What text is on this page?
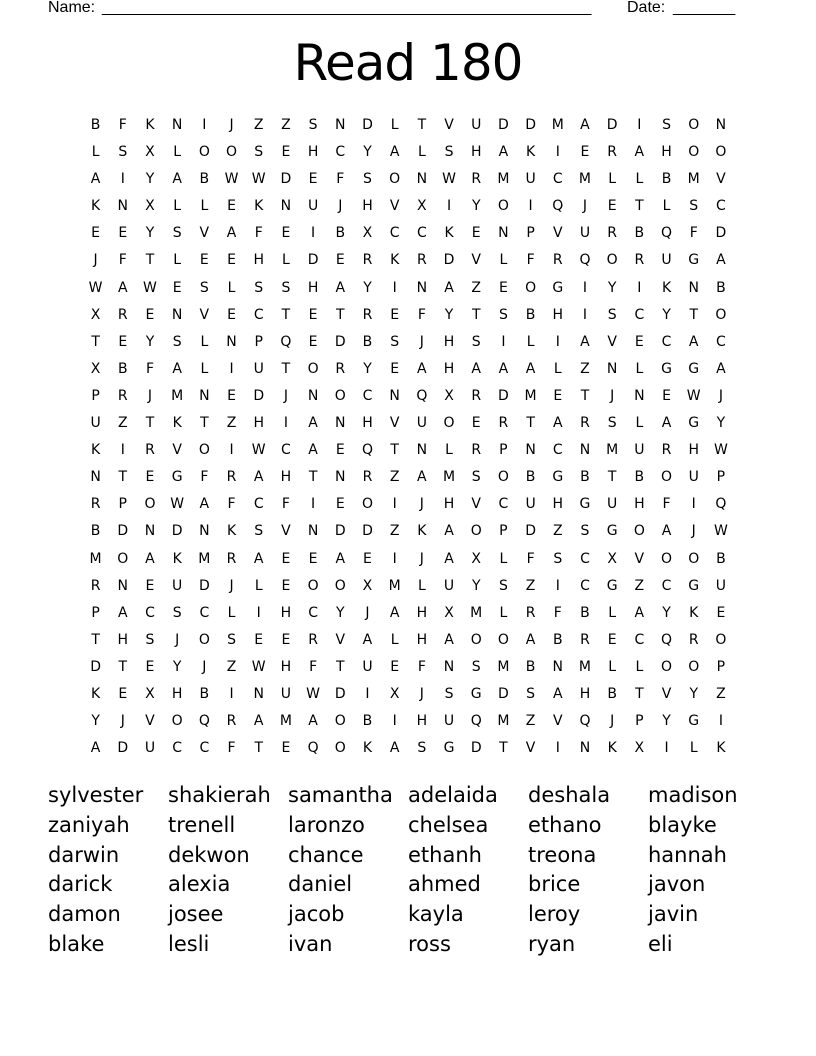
Name: _______________________________________________________ Date: _______
Read 180
B	F	K	N	I	J	Z	Z	S	N	D	L	T	V	U	D	D	M	A	D	I	S	O	N
L	S	X	L	O	O	S	E	H	C	Y	A	L	S	H	A	K	I	E	R	A	H	O	O
A	I	Y	A	B	W W	D	E	F	S	O	N	W	R	M	U	C	M	L	L	B	M	V
K	N	X	L	L	E	K	N	U	J	H	V	X	I	Y	O	I	Q	J	E	T	L	S	C
E	E	Y	S	V	A	F	E	I	B	X	C	C	K	E	N	P	V	U	R	B	Q	F	D
J	F	T	L	E	E	H	L	D	E	R	K	R	D	V	L	F	R	Q	O	R	U	G	A
W	A	W	E	S	L	S	S	H	A	Y	I	N	A	Z	E	O	G	I	Y	I	K	N	B
X	R	E	N	V	E	C	T	E	T	R	E	F	Y	T	S	B	H	I	S	C	Y	T	O
T	E	Y	S	L	N	P	Q	E	D	B	S	J	H	S	I	L	I	A	V	E	C	A	C
X	B	F	A	L	I	U	T	O	R	Y	E	A	H	A	A	A	L	Z	N	L	G	G	A
P	R	J	M	N	E	D	J	N	O	C	N	Q	X	R	D	M	E	T	J	N	E	W	J
U	Z	T	K	T	Z	H	I	A	N	H	V	U	O	E	R	T	A	R	S	L	A	G	Y
K	I	R	V	O	I	W	C	A	E	Q	T	N	L	R	P	N	C	N	M	U	R	H	W
N	T	E	G	F	R	A	H	T	N	R	Z	A	M	S	O	B	G	B	T	B	O	U	P
R	P	O	W	A	F	C	F	I	E	O	I	J	H	V	C	U	H	G	U	H	F	I	Q
B	D	N	D	N	K	S	V	N	D	D	Z	K	A	O	P	D	Z	S	G	O	A	J	W
M	O	A	K	M	R	A	E	E	A	E	I	J	A	X	L	F	S	C	X	V	O	O	B
R	N	E	U	D	J	L	E	O	O	X	M	L	U	Y	S	Z	I	C	G	Z	C	G	U
P	A	C	S	C	L	I	H	C	Y	J	A	H	X	M	L	R	F	B	L	A	Y	K	E
T	H	S	J	O	S	E	E	R	V	A	L	H	A	O	O	A	B	R	E	C	Q	R	O
D	T	E	Y	J	Z	W	H	F	T	U	E	F	N	S	M	B	N	M	L	L	O	O	P
K	E	X	H	B	I	N	U	W	D	I	X	J	S	G	D	S	A	H	B	T	V	Y	Z
Y	J	V	O	Q	R	A	M	A	O	B	I	H	U	Q	M	Z	V	Q	J	P	Y	G	I
A	D	U	C	C	F	T	E	Q	O	K	A	S	G	D	T	V	I	N	K	X	I	L	K
sylvester	shakierah samantha adelaida	deshala	madison
zaniyah	trenell	laronzo	chelsea	ethano	blayke
darwin	dekwon	chance	ethanh	treona	hannah
darick	alexia	daniel	ahmed	brice	javon
damon	josee	jacob	kayla	leroy	javin
blake	lesli	ivan	ross	ryan	eli
